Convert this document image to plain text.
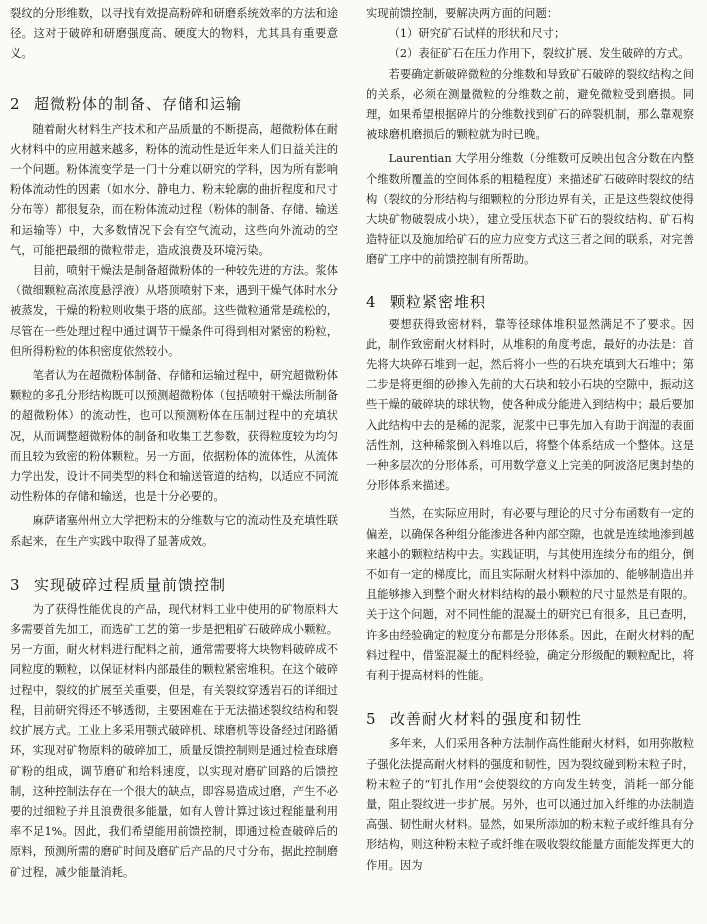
裂纹的分形维数，以寻找有效提高粉碎和研磨系统效率的方法和途径。这对于破碎和研磨强度高、硬度大的物料，尤其具有重要意义。

2 超微粉体的制备、存储和运输

随着耐火材料生产技术和产品质量的不断提高，超微粉体在耐火材料中的应用越来越多，粉体的流动性是近年来人们日益关注的一个问题。粉体流变学是一门十分难以研究的学科，因为所有影响粉体流动性的因素（如水分、静电力、粉末轮廓的曲折程度和尺寸分布等）都很复杂，而在粉体流动过程（粉体的制备、存储、输送和运输等）中，大多数情况下会有空气流动，这些向外流动的空气，可能把最细的微粒带走，造成浪费及环境污染。

目前，喷射干燥法是制备超微粉体的一种较先进的方法。浆体（微细颗粒高浓度悬浮液）从塔顶喷射下来，遇到干燥气体时水分被蒸发，干燥的粉粒则收集于塔的底部。这些微粒通常是疏松的，尽管在一些处理过程中通过调节干燥条件可得到相对紧密的粉粒，但所得粉粒的体积密度依然较小。

笔者认为在超微粉体制备、存储和运输过程中，研究超微粉体颗粒的多孔分形结构既可以预测超微粉体（包括喷射干燥法所制备的超微粉体）的流动性，也可以预测粉体在压制过程中的充填状况，从而调整超微粉体的制备和收集工艺参数，获得粒度较为均匀而且较为致密的粉体颗粒。另一方面，依据粉体的流体性，从流体力学出发，设计不同类型的料仓和输送管道的结构，以适应不同流动性粉体的存储和输送，也是十分必要的。

麻萨诸塞州州立大学把粉末的分维数与它的流动性及充填性联系起来，在生产实践中取得了显著成效。

3 实现破碎过程质量前馈控制

为了获得性能优良的产品，现代材料工业中使用的矿物原料大多需要首先加工，而选矿工艺的第一步是把粗矿石破碎成小颗粒。另一方面，耐火材料进行配料之前，通常需要将大块物料破碎成不同粒度的颗粒，以保证材料内部最佳的颗粒紧密堆积。在这个破碎过程中，裂纹的扩展至关重要，但是，有关裂纹穿透岩石的详细过程，目前研究得还不够透彻，主要困难在于无法描述裂纹结构和裂纹扩展方式。工业上多采用颚式破碎机、球磨机等设备经过闭路循环，实现对矿物原料的破碎加工，质量反馈控制则是通过检查球磨矿粉的组成，调节磨矿和给料速度，以实现对磨矿回路的后馈控制，这种控制法存在一个很大的缺点，即容易造成过磨，产生不必要的过细粒子并且浪费很多能量，如有人曾计算过该过程能量利用率不足1%。因此，我们希望能用前馈控制，即通过检查破碎后的原料，预测所需的磨矿时间及磨矿后产品的尺寸分布，据此控制磨矿过程，减少能量消耗。

实现前馈控制，要解决两方面的问题：

（1）研究矿石试样的形状和尺寸；

（2）表征矿石在压力作用下，裂纹扩展、发生破碎的方式。

若要确定新破碎微粒的分维数和导致矿石破碎的裂纹结构之间的关系，必须在测量微粒的分维数之前，避免微粒受到磨损。同理，如果希望根据碎片的分维数找到矿石的碎裂机制，那么靠观察被球磨机磨损后的颗粒就为时已晚。

Laurentian 大学用分维数（分维数可反映出包含分数在内整个维数所覆盖的空间体系的粗糙程度）来描述矿石破碎时裂纹的结构（裂纹的分形结构与细颗粒的分形边界有关，正是这些裂纹使得大块矿物破裂成小块），建立受压状态下矿石的裂纹结构、矿石构造特征以及施加给矿石的应力应变方式这三者之间的联系，对完善磨矿工序中的前馈控制有所帮助。

4 颗粒紧密堆积

要想获得致密材料，靠等径球体堆积显然满足不了要求。因此，制作致密耐火材料时，从堆积的角度考虑，最好的办法是：首先将大块碎石堆到一起，然后将小一些的石块充填到大石堆中；第二步是将更细的砂掺入先前的大石块和较小石块的空隙中，振动这些干燥的破碎块的球状物，使各种成分能进入到结构中；最后要加入此结构中去的是稀的泥浆，泥浆中已事先加入有助于润湿的表面活性剂，这种稀浆倒入料堆以后，将整个体系结成一个整体。这是一种多层次的分形体系，可用数学意义上完美的阿波洛尼奥封垫的分形体系来描述。

当然，在实际应用时，有必要与理论的尺寸分布函数有一定的偏差，以确保各种组分能渗进各种内部空隙，也就是连续地渗到越来越小的颗粒结构中去。实践证明，与其使用连续分布的组分，倒不如有一定的梯度比，而且实际耐火材料中添加的、能够制造出并且能够掺入到整个耐火材料结构的最小颗粒的尺寸显然是有限的。关于这个问题，对不同性能的混凝土的研究已有很多，且已查明，许多由经验确定的粒度分布都是分形体系。因此，在耐火材料的配料过程中，借鉴混凝土的配料经验，确定分形级配的颗粒配比，将有利于提高材料的性能。

5 改善耐火材料的强度和韧性

多年来，人们采用各种方法制作高性能耐火材料，如用弥散粒子强化法提高耐火材料的强度和韧性，因为裂纹碰到粉末粒子时，粉末粒子的“钉扎作用”会使裂纹的方向发生转变，消耗一部分能量，阻止裂纹进一步扩展。另外，也可以通过加入纤维的办法制造高强、韧性耐火材料。显然，如果所添加的粉末粒子或纤维具有分形结构，则这种粉末粒子或纤维在吸收裂纹能量方面能发挥更大的作用。因为
